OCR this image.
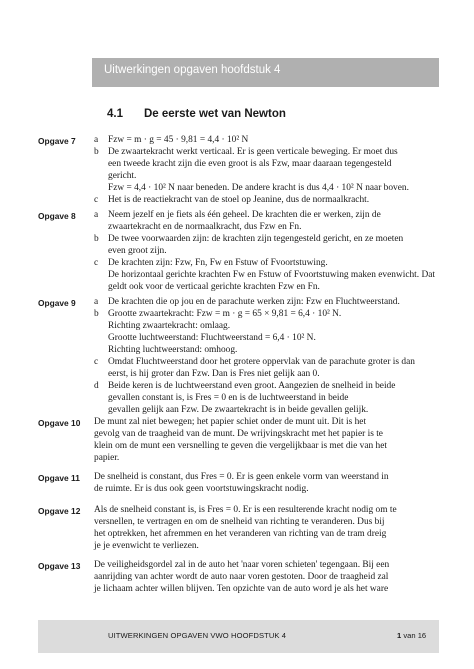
Uitwerkingen opgaven hoofdstuk 4
4.1 De eerste wet van Newton
Opgave 7 a Fzw = m · g = 45 · 9,81 = 4,4 · 10² N
b De zwaartekracht werkt verticaal. Er is geen verticale beweging. Er moet dus
een tweede kracht zijn die even groot is als Fzw, maar daaraan tegengesteld
gericht.
Fzw = 4,4 · 10² N naar beneden. De andere kracht is dus 4,4 · 10² N naar boven.
c Het is de reactiekracht van de stoel op Jeanine, dus de normaalkracht.
Opgave 8 a Neem jezelf en je fiets als één geheel. De krachten die er werken, zijn de
zwaartekracht en de normaalkracht, dus Fzw en Fn.
b De twee voorwaarden zijn: de krachten zijn tegengesteld gericht, en ze moeten
even groot zijn.
c De krachten zijn: Fzw, Fn, Fw en Fstuw of Fvoortstuwing.
De horizontaal gerichte krachten Fw en Fstuw of Fvoortstuwing maken evenwicht. Dat
geldt ook voor de verticaal gerichte krachten Fzw en Fn.
Opgave 9 a De krachten die op jou en de parachute werken zijn: Fzw en Fluchtweerstand.
b Grootte zwaartekracht: Fzw = m · g = 65 × 9,81 = 6,4 · 10² N.
Richting zwaartekracht: omlaag.
Grootte luchtweerstand: Fluchtweerstand = 6,4 · 10² N.
Richting luchtweerstand: omhoog.
c Omdat Fluchtweerstand door het grotere oppervlak van de parachute groter is dan
eerst, is hij groter dan Fzw. Dan is Fres niet gelijk aan 0.
d Beide keren is de luchtweerstand even groot. Aangezien de snelheid in beide
gevallen constant is, is Fres = 0 en is de luchtweerstand in beide
gevallen gelijk aan Fzw. De zwaartekracht is in beide gevallen gelijk.
Opgave 10 De munt zal niet bewegen; het papier schiet onder de munt uit. Dit is het
gevolg van de traagheid van de munt. De wrijvingskracht met het papier is te
klein om de munt een versnelling te geven die vergelijkbaar is met die van het
papier.
Opgave 11 De snelheid is constant, dus Fres = 0. Er is geen enkele vorm van weerstand in
de ruimte. Er is dus ook geen voortstuwingskracht nodig.
Opgave 12 Als de snelheid constant is, is Fres = 0. Er is een resulterende kracht nodig om te
versnellen, te vertragen en om de snelheid van richting te veranderen. Dus bij
het optrekken, het afremmen en het veranderen van richting van de tram dreig
je je evenwicht te verliezen.
Opgave 13 De veiligheidsgordel zal in de auto het 'naar voren schieten' tegengaan. Bij een
aanrijding van achter wordt de auto naar voren gestoten. Door de traagheid zal
je lichaam achter willen blijven. Ten opzichte van de auto word je als het ware
UITWERKINGEN OPGAVEN VWO HOOFDSTUK 4	1 van 16
